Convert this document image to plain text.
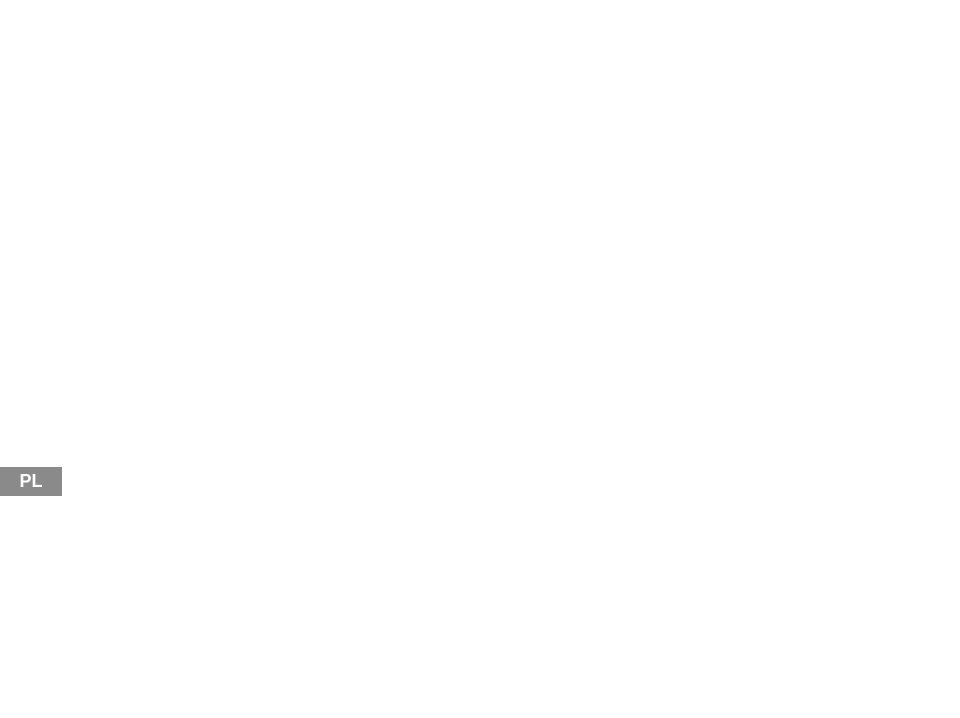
PL
